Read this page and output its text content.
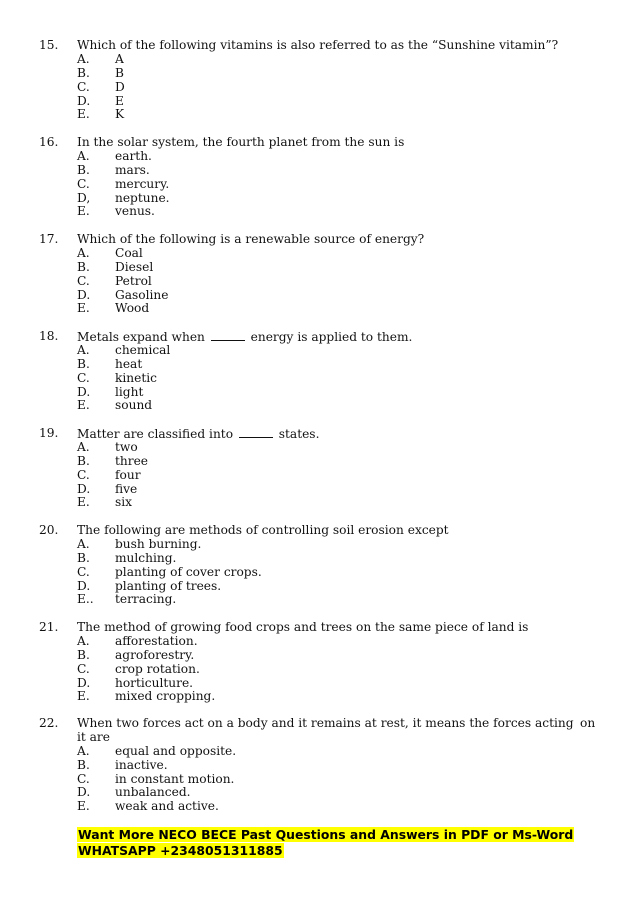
15. Which of the following vitamins is also referred to as the “Sunshine vitamin”?
A. A
B. B
C. D
D. E
E. K
16. In the solar system, the fourth planet from the sun is
A. earth.
B. mars.
C. mercury.
D, neptune.
E. venus.
17. Which of the following is a renewable source of energy?
A. Coal
B. Diesel
C. Petrol
D. Gasoline
E. Wood
18. Metals expand when	energy is applied to them.
A. chemical
B. heat
C. kinetic
D. light
E. sound
19. Matter are classified into	states.
A. two
B. three
C. four
D. five
E. six
20. The following are methods of controlling soil erosion except
A. bush burning.
B. mulching.
C. planting of cover crops.
D. planting of trees.
E.. terracing.
21. The method of growing food crops and trees on the same piece of land is
A. afforestation.
B. agroforestry.
C. crop rotation.
D. horticulture.
E. mixed cropping.
22. When two forces act on a body and it remains at rest, it means the forces acting on
it are
A. equal and opposite.
B. inactive.
C. in constant motion.
D. unbalanced.
E. weak and active.
Want More NECO BECE Past Questions and Answers in PDF or Ms-Word
WHATSAPP +2348051311885
